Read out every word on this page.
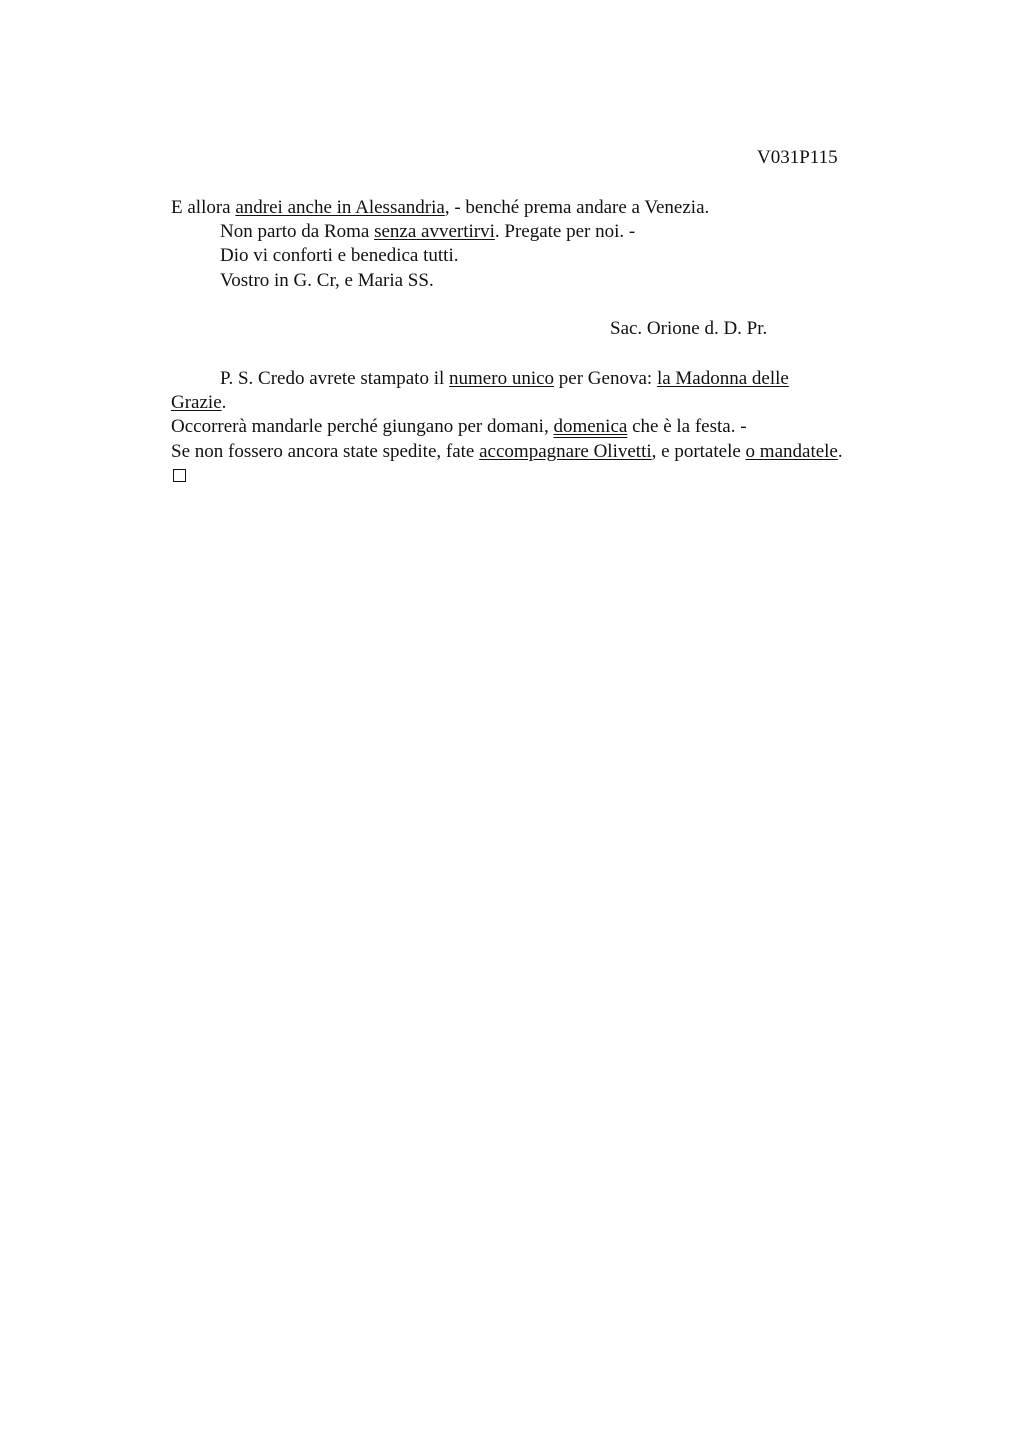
V031P115
E allora andrei anche in Alessandria, - benché prema andare a Venezia.
Non parto da Roma senza avvertirvi. Pregate per noi. -
Dio vi conforti e benedica tutti.
Vostro in G. Cr, e Maria SS.
Sac. Orione d. D. Pr.
P. S. Credo avrete stampato il numero unico per Genova: la Madonna delle
Grazie.
Occorrerà mandarle perché giungano per domani, domenica che è la festa. -
Se non fossero ancora state spedite, fate accompagnare Olivetti, e portatele o mandatele.
